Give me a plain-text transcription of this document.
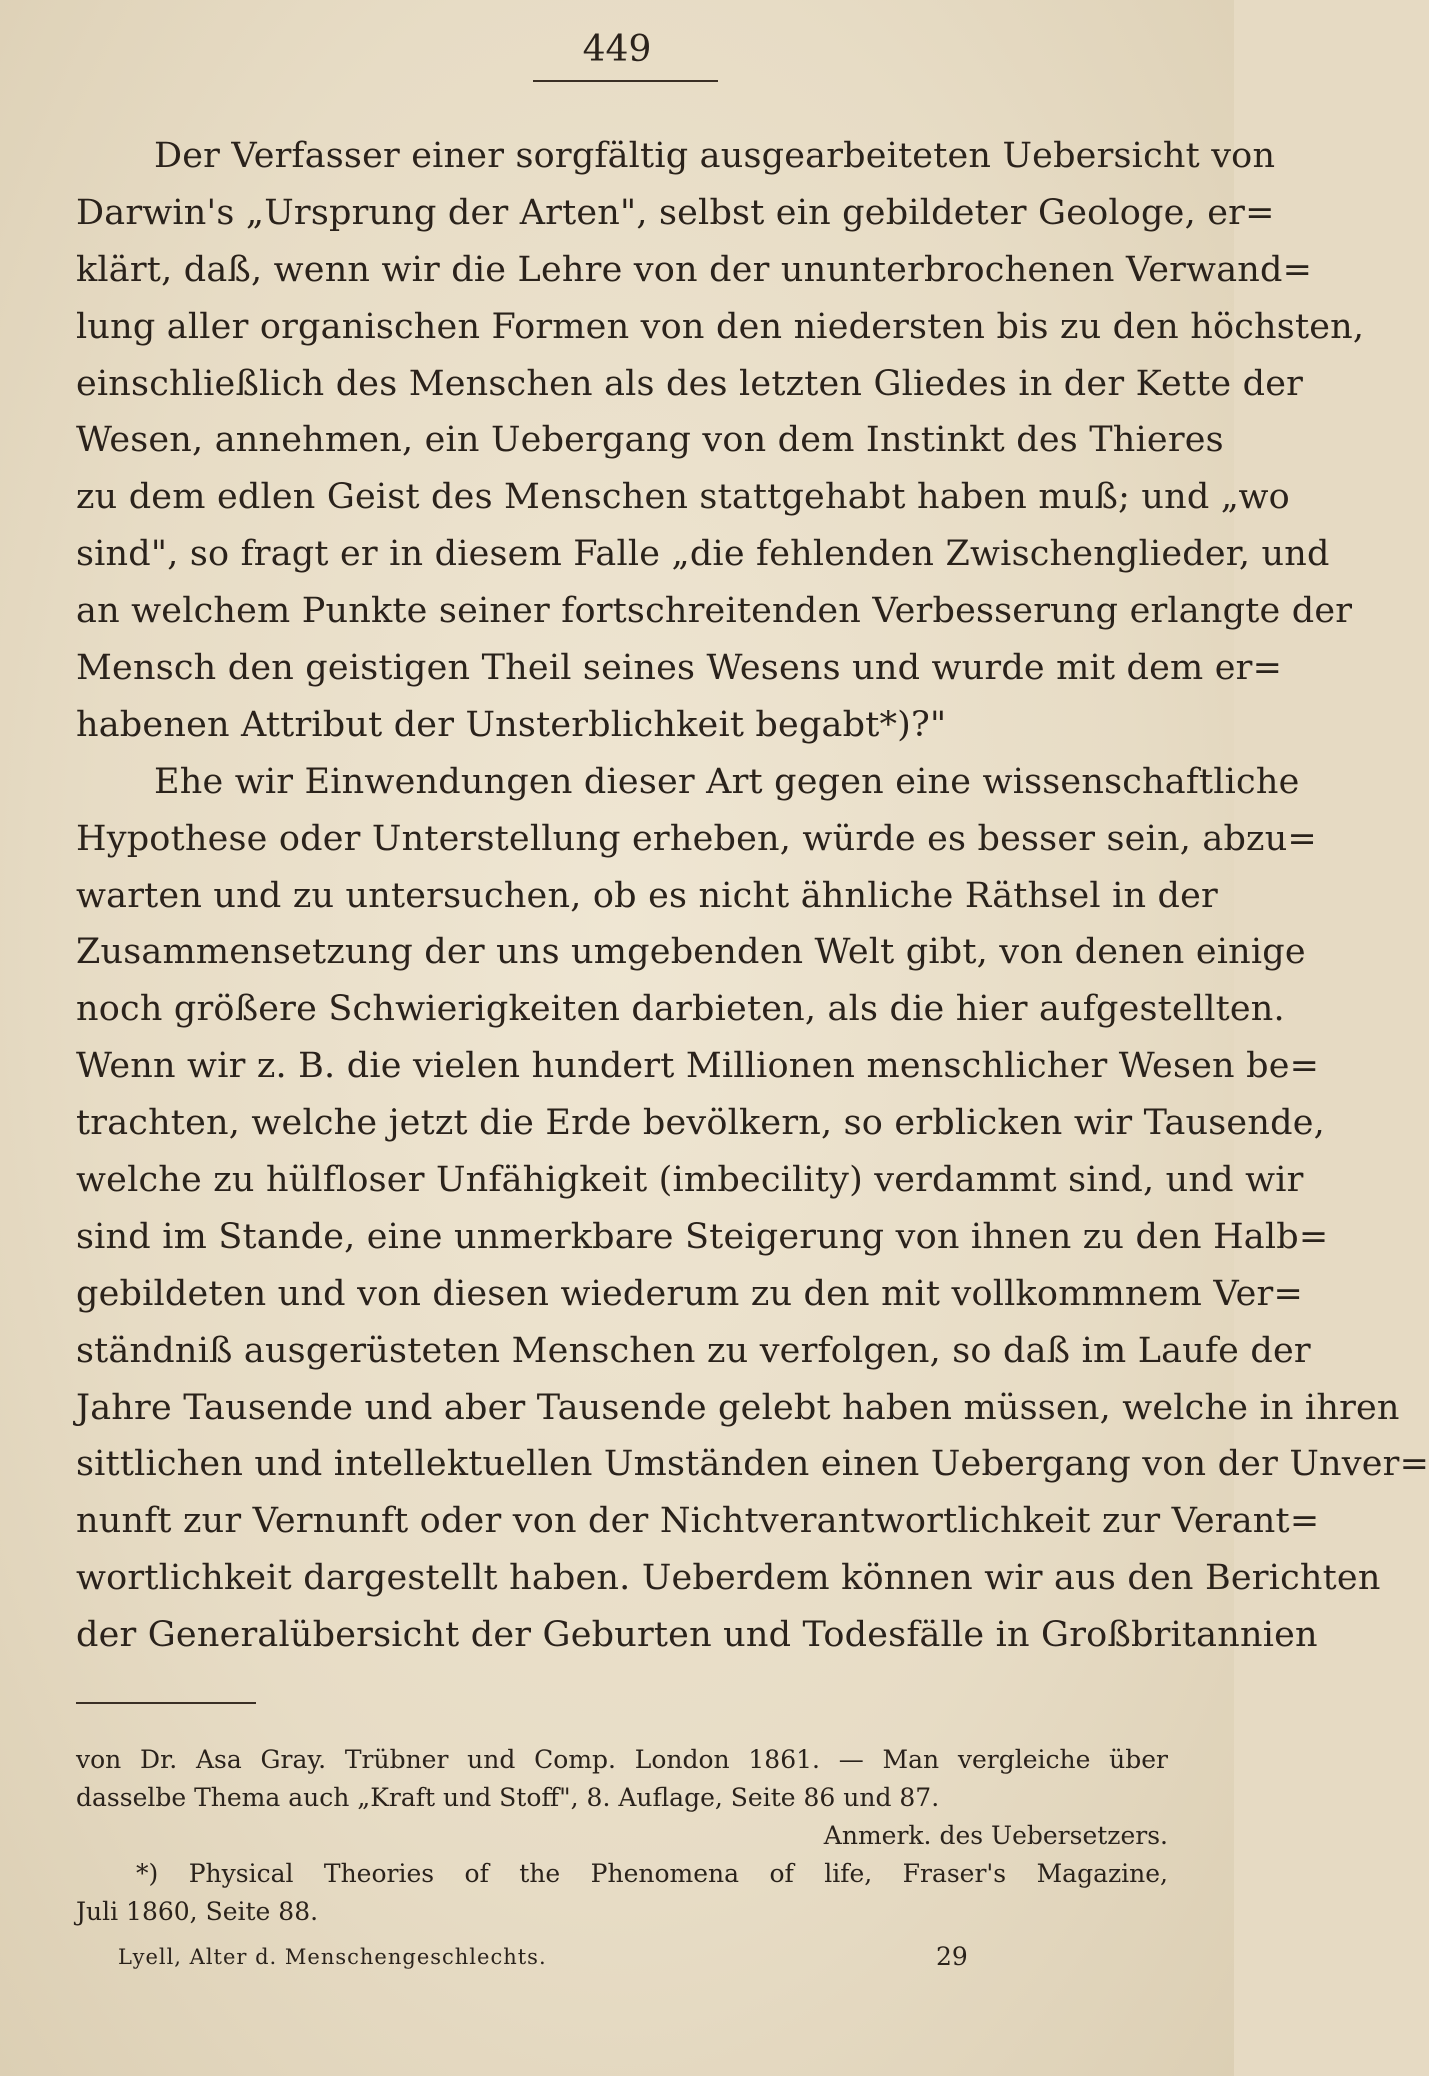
449
Der Verfasser einer sorgfältig ausgearbeiteten Uebersicht von
Darwin's „Ursprung der Arten", selbst ein gebildeter Geologe, er=
klärt, daß, wenn wir die Lehre von der ununterbrochenen Verwand=
lung aller organischen Formen von den niedersten bis zu den höchsten,
einschließlich des Menschen als des letzten Gliedes in der Kette der
Wesen, annehmen, ein Uebergang von dem Instinkt des Thieres
zu dem edlen Geist des Menschen stattgehabt haben muß; und „wo
sind", so fragt er in diesem Falle „die fehlenden Zwischenglieder, und
an welchem Punkte seiner fortschreitenden Verbesserung erlangte der
Mensch den geistigen Theil seines Wesens und wurde mit dem er=
habenen Attribut der Unsterblichkeit begabt*)?"
Ehe wir Einwendungen dieser Art gegen eine wissenschaftliche
Hypothese oder Unterstellung erheben, würde es besser sein, abzu=
warten und zu untersuchen, ob es nicht ähnliche Räthsel in der
Zusammensetzung der uns umgebenden Welt gibt, von denen einige
noch größere Schwierigkeiten darbieten, als die hier aufgestellten.
Wenn wir z. B. die vielen hundert Millionen menschlicher Wesen be=
trachten, welche jetzt die Erde bevölkern, so erblicken wir Tausende,
welche zu hülfloser Unfähigkeit (imbecility) verdammt sind, und wir
sind im Stande, eine unmerkbare Steigerung von ihnen zu den Halb=
gebildeten und von diesen wiederum zu den mit vollkommnem Ver=
ständniß ausgerüsteten Menschen zu verfolgen, so daß im Laufe der
Jahre Tausende und aber Tausende gelebt haben müssen, welche in ihren
sittlichen und intellektuellen Umständen einen Uebergang von der Unver=
nunft zur Vernunft oder von der Nichtverantwortlichkeit zur Verant=
wortlichkeit dargestellt haben. Ueberdem können wir aus den Berichten
der Generalübersicht der Geburten und Todesfälle in Großbritannien
von Dr. Asa Gray. Trübner und Comp. London 1861. — Man vergleiche über
dasselbe Thema auch „Kraft und Stoff", 8. Auflage, Seite 86 und 87.
Anmerk. des Uebersetzers.
*) Physical Theories of the Phenomena of life, Fraser's Magazine,
Juli 1860, Seite 88.
Lyell, Alter d. Menschengeschlechts.	29
